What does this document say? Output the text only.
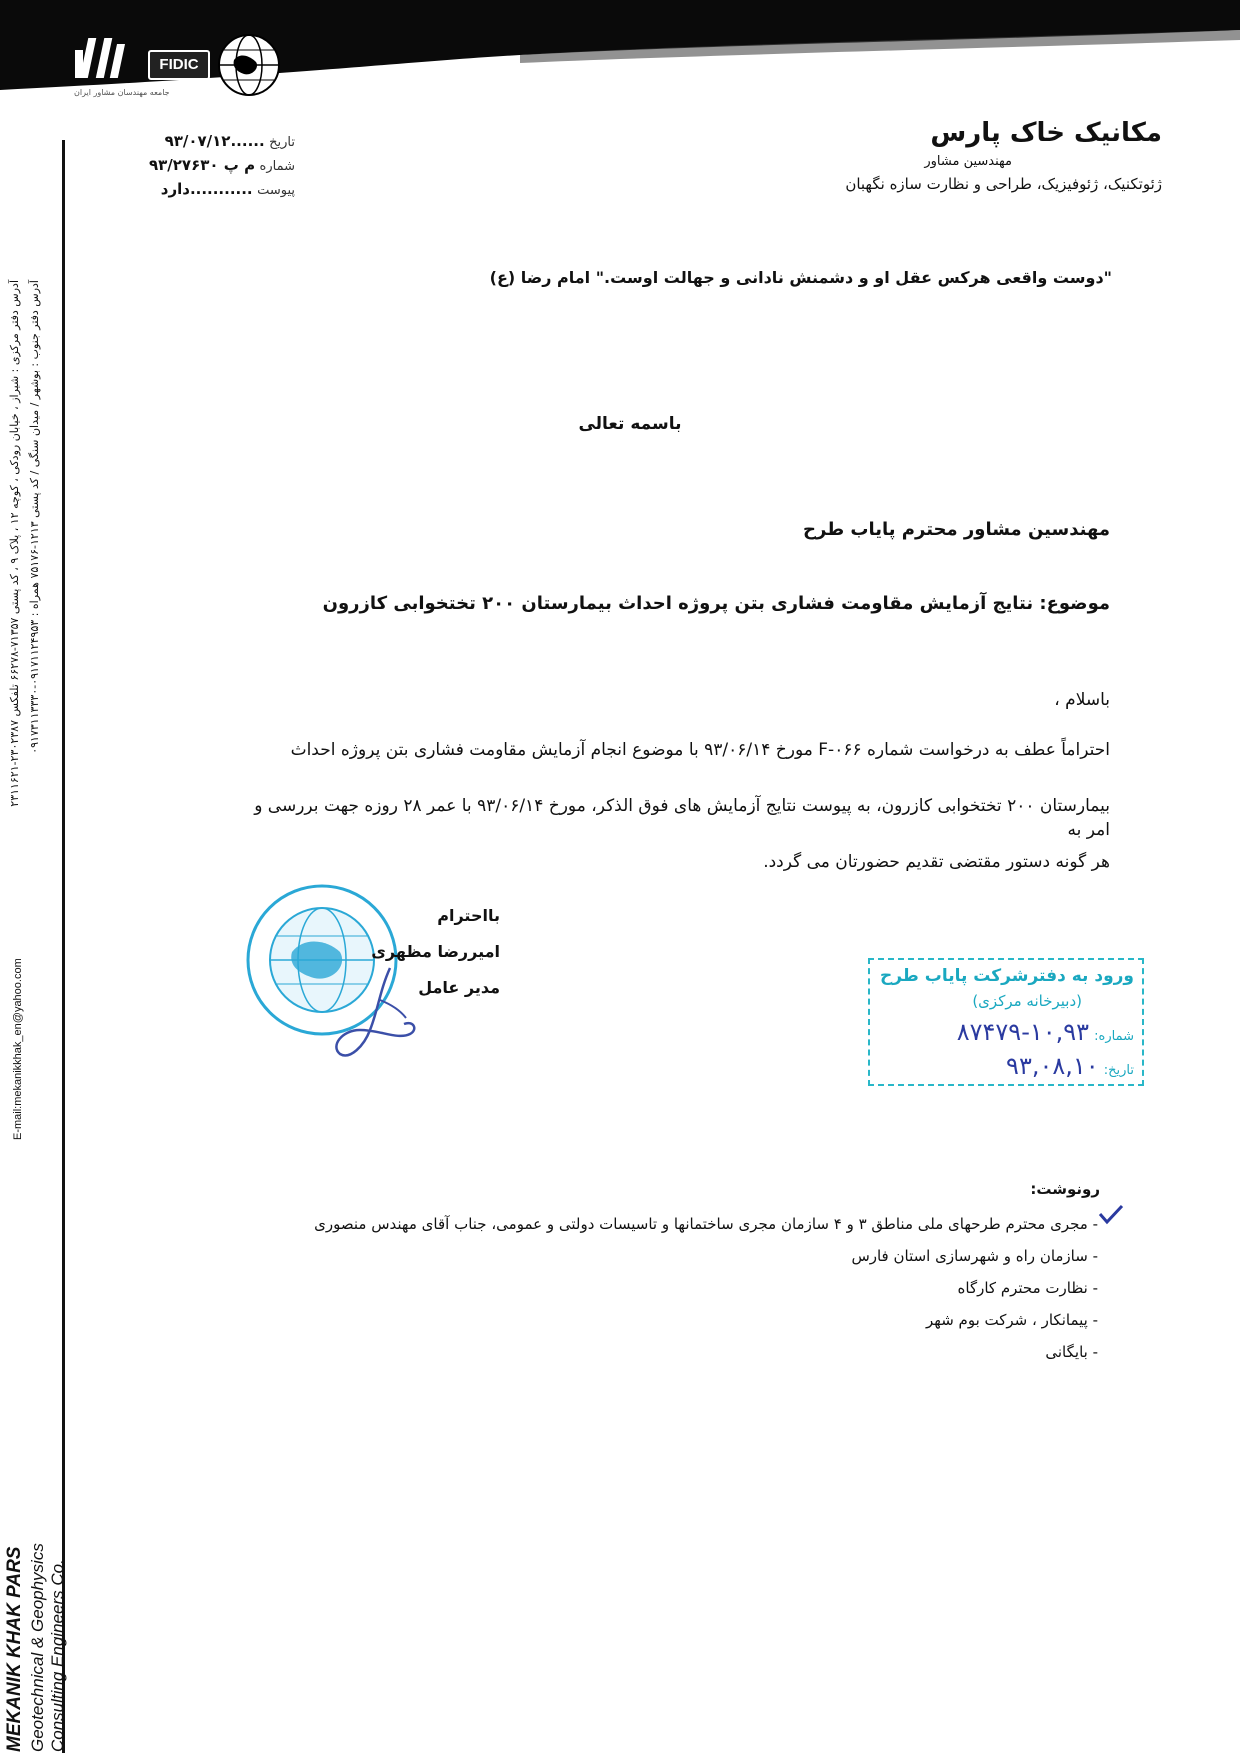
جامعه مهندسان مشاور ایران
FIDIC
آدرس دفتر مرکزی : شیراز ، خیابان رودکی ، کوچه ۱۲ ، پلاک ۹ ، کد پستی ۷۱۳۵۷-۶۶۲۷۸ تلفکس ۲۳۰۲۳۸۷-۲۳۱۱۶۲۱
آدرس دفتر جنوب : بوشهر / میدان سنگی / کد پستی ۱۲۱۳-۷۵۱۷۶ همراه : ۰۹۱۷۱۱۲۴۹۵۳-۰۹۱۷۳۱۱۳۳۳۰
E-mail:mekanikkhak_en@yahoo.com
MEKANIK KHAK PARS Geotechnical & Geophysics Consulting Engineers Co.
تاریخ ......۹۳/۰۷/۱۲
شماره م پ ۹۳/۲۷۶۳۰
پیوست ...........دارد
مکانیک خاک پارس
مهندسین مشاور
ژئوتکنیک، ژئوفیزیک، طراحی و نظارت سازه نگهبان
"دوست واقعی هرکس عقل او و دشمنش نادانی و جهالت اوست." امام رضا (ع)
باسمه تعالی
مهندسین مشاور محترم پایاب طرح
موضوع: نتایج آزمایش مقاومت فشاری بتن پروژه احداث بیمارستان ۲۰۰ تختخوابی کازرون
باسلام ،
احتراماً عطف به درخواست شماره F-۰۶۶ مورخ ۹۳/۰۶/۱۴ با موضوع انجام آزمایش مقاومت فشاری بتن پروژه احداث
بیمارستان ۲۰۰ تختخوابی کازرون، به پیوست نتایج آزمایش های فوق الذکر، مورخ ۹۳/۰۶/۱۴ با عمر ۲۸ روزه جهت بررسی و امر به
هر گونه دستور مقتضی تقدیم حضورتان می گردد.
بااحترام
امیررضا مظهری
مدیر عامل
ورود به دفترشرکت پایاب طرح
(دبیرخانه مرکزی)
شماره: ۱۰,۹۳-۸۷۴۷۹
تاریخ: ۹۳,۰۸,۱۰
رونوشت:
- مجری محترم طرحهای ملی مناطق ۳ و ۴ سازمان مجری ساختمانها و تاسیسات دولتی و عمومی، جناب آقای مهندس منصوری
- سازمان راه و شهرسازی استان فارس
- نظارت محترم کارگاه
- پیمانکار ، شرکت بوم شهر
- بایگانی
